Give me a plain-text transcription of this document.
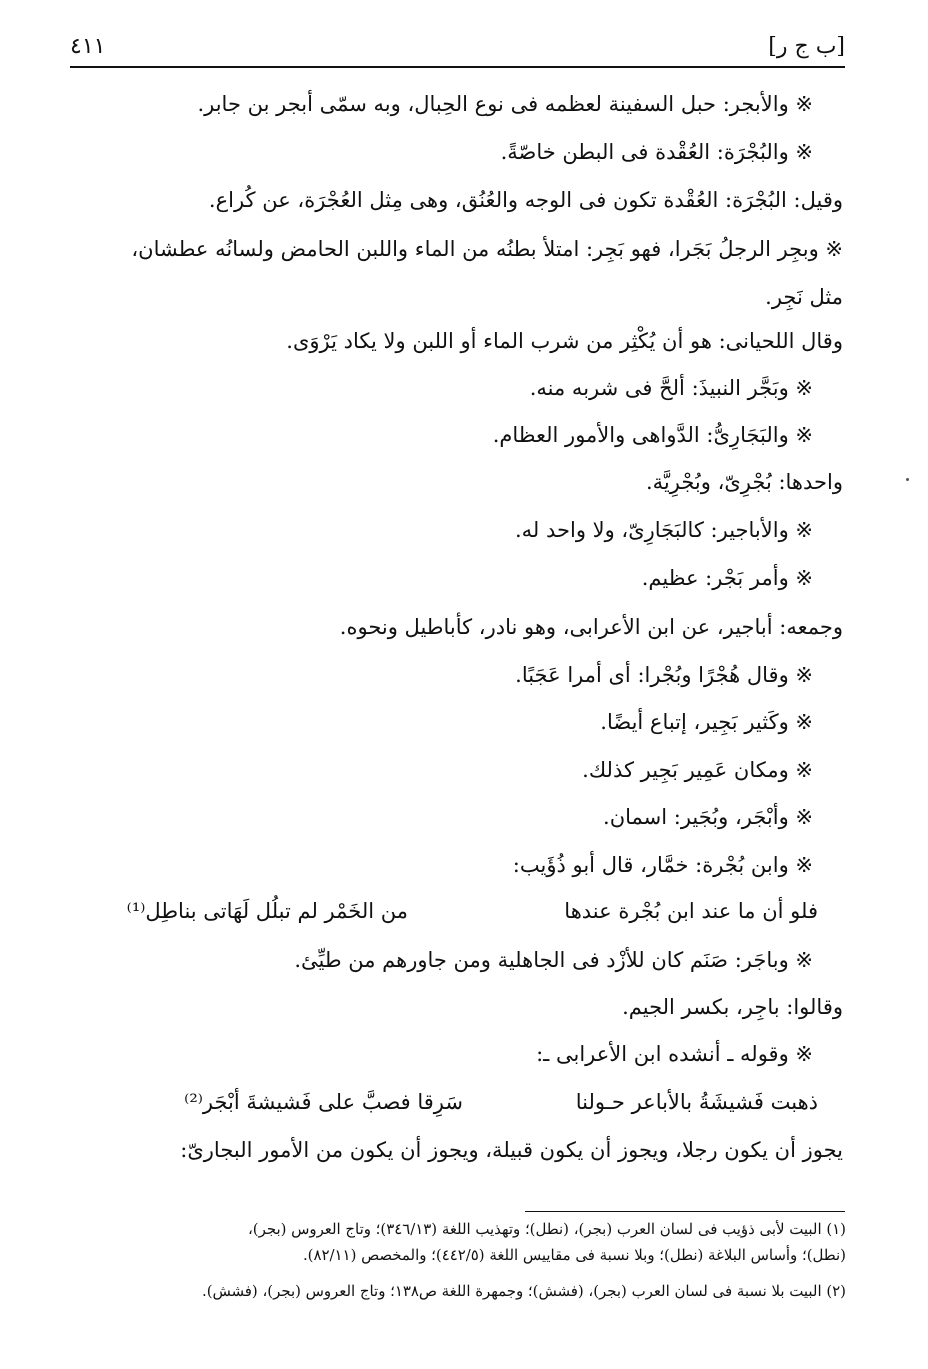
[ب ج ر]
٤١١
※ والأبجر: حبل السفينة لعظمه فى نوع الحِبال، وبه سمّى أبجر بن جابر.
※ والبُجْرَة: العُقْدة فى البطن خاصّةً.
وقيل: البُجْرَة: العُقْدة تكون فى الوجه والعُنُق، وهى مِثل العُجْرَة، عن كُراع.
※ وبجِر الرجلُ بَجَرا، فهو بَجِر: امتلأ بطنُه من الماء واللبن الحامض ولسانُه عطشان،
مثل نَجِر.
وقال اللحيانى: هو أن يُكْثِر من شرب الماء أو اللبن ولا يكاد يَرْوَى.
※ وبَجَّر النبيذَ: ألحَّ فى شربه منه.
※ والبَجَارِىُّ: الدَّواهى والأمور العظام.
واحدها: بُجْرِىّ، وبُجْرِيَّة.
※ والأباجير: كالبَجَارِىّ، ولا واحد له.
※ وأمر بَجْر: عظيم.
وجمعه: أباجير، عن ابن الأعرابى، وهو نادر، كأباطيل ونحوه.
※ وقال هُجْرًا وبُجْرا: أى أمرا عَجَبًا.
※ وكَثير بَجِير، إتباع أيضًا.
※ ومكان عَمِير بَجِير كذلك.
※ وأبْجَر، وبُجَير: اسمان.
※ وابن بُجْرة: خمَّار، قال أبو ذُؤَيب:
فلو أن ما عند ابن بُجْرة عندها
من الخَمْر لم تبلُل لَهَاتى بناطِل⁽¹⁾
※ وباجَر: صَنَم كان للأزْد فى الجاهلية ومن جاورهم من طيِّئ.
وقالوا: باجِر، بكسر الجيم.
※ وقوله ـ أنشده ابن الأعرابى ـ:
ذهبت فَشيشَةُ بالأباعر حـولنا
سَرِقا فصبَّ على فَشيشةَ أبْجَر⁽²⁾
يجوز أن يكون رجلا، ويجوز أن يكون قبيلة، ويجوز أن يكون من الأمور البجارىّ:
(١) البيت لأبى ذؤيب فى لسان العرب (بجر)، (نطل)؛ وتهذيب اللغة (٣٤٦/١٣)؛ وتاج العروس (بجر)،
(نطل)؛ وأساس البلاغة (نطل)؛ وبلا نسبة فى مقاييس اللغة (٤٤٢/٥)؛ والمخصص (٨٢/١١).
(٢) البيت بلا نسبة فى لسان العرب (بجر)، (فشش)؛ وجمهرة اللغة ص١٣٨؛ وتاج العروس (بجر)، (فشش).
